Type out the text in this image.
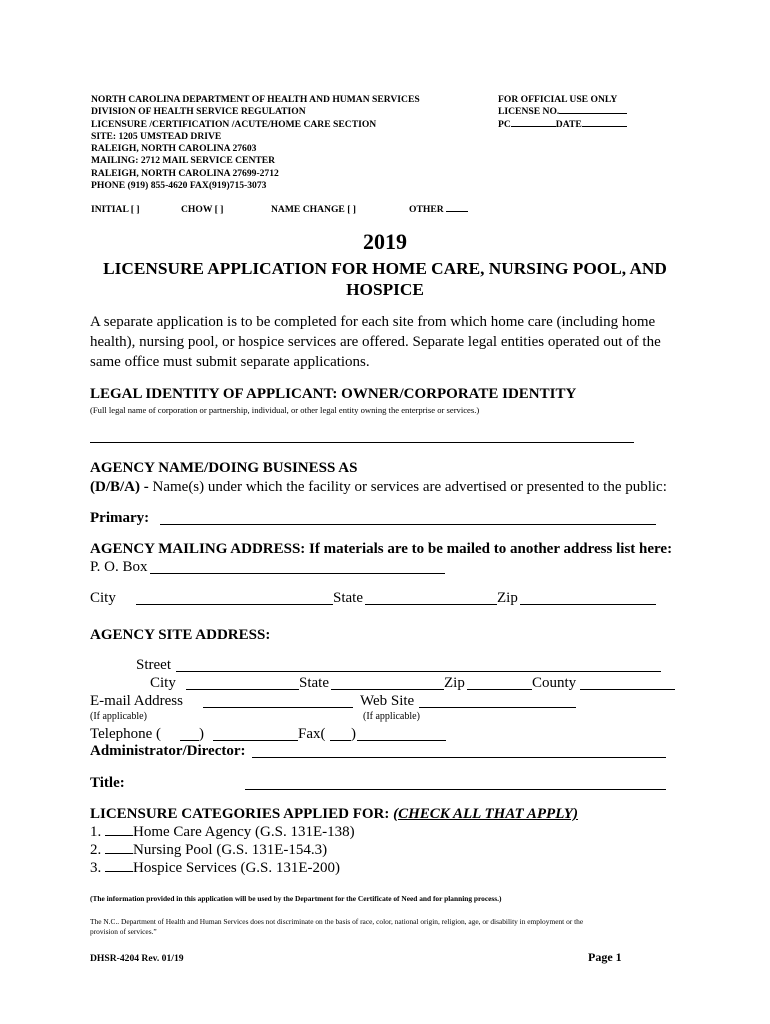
NORTH CAROLINA DEPARTMENT OF HEALTH AND HUMAN SERVICES
DIVISION OF HEALTH SERVICE REGULATION
LICENSURE /CERTIFICATION /ACUTE/HOME CARE SECTION
SITE: 1205 UMSTEAD DRIVE
RALEIGH, NORTH CAROLINA 27603
MAILING: 2712 MAIL SERVICE CENTER
RALEIGH, NORTH CAROLINA 27699-2712
PHONE (919) 855-4620 FAX(919)715-3073
FOR OFFICIAL USE ONLY
LICENSE NO.
PC	DATE
INITIAL [ ]	CHOW [ ]	NAME CHANGE [ ]	OTHER
2019
LICENSURE APPLICATION FOR HOME CARE, NURSING POOL, AND
HOSPICE
A separate application is to be completed for each site from which home care (including home
health), nursing pool, or hospice services are offered. Separate legal entities operated out of the
same office must submit separate applications.
LEGAL IDENTITY OF APPLICANT: OWNER/CORPORATE IDENTITY
(Full legal name of corporation or partnership, individual, or other legal entity owning the enterprise or services.)
AGENCY NAME/DOING BUSINESS AS
(D/B/A) - Name(s) under which the facility or services are advertised or presented to the public:
Primary:
AGENCY MAILING ADDRESS: If materials are to be mailed to another address list here:
P. O. Box
City	State	Zip
AGENCY SITE ADDRESS:
Street
City	State	Zip	County
E-mail Address	Web Site
(If applicable)	(If applicable)
Telephone (	)	Fax( )
Administrator/Director:
Title:
LICENSURE CATEGORIES APPLIED FOR: (CHECK ALL THAT APPLY)
1. Home Care Agency (G.S. 131E-138)
2. Nursing Pool (G.S. 131E-154.3)
3. Hospice Services (G.S. 131E-200)
(The information provided in this application will be used by the Department for the Certificate of Need and for planning process.)
The N.C.. Department of Health and Human Services does not discriminate on the basis of race, color, national origin, religion, age, or disability in employment or the
provision of services.”
DHSR-4204 Rev. 01/19	Page 1
